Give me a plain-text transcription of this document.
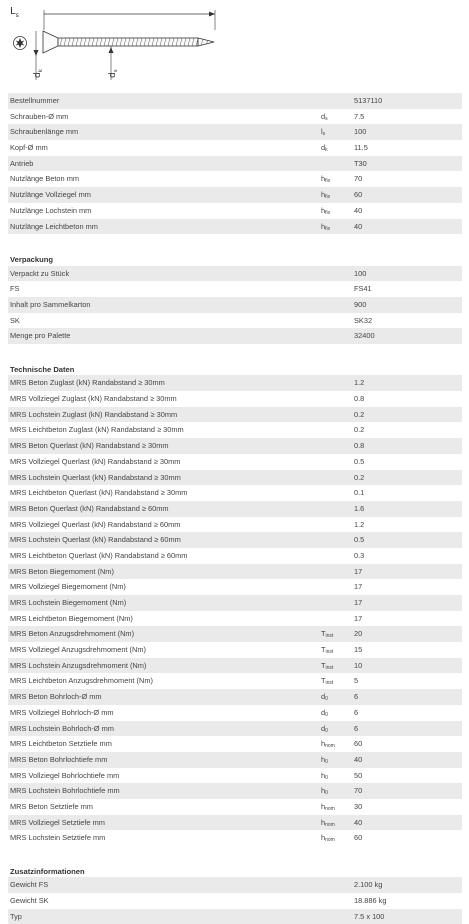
$L_s$
$d_k$
$d_s$
Bestellnummer	5137110
Schrauben-Ø mm	$d_s$	7.5
Schraubenlänge mm	$l_s$	100
Kopf-Ø mm	$d_k$	11.5
Antrieb	T30
Nutzlänge Beton mm	$h_{fix}$	70
Nutzlänge Vollziegel mm	$h_{fix}$	60
Nutzlänge Lochstein mm	$h_{fix}$	40
Nutzlänge Leichtbeton mm	$h_{fix}$	40
Verpackung
Verpackt zu Stück	100
FS	FS41
Inhalt pro Sammelkarton	900
SK	SK32
Menge pro Palette	32400
Technische Daten
MRS Beton Zuglast (kN) Randabstand ≥ 30mm	1.2
MRS Vollziegel Zuglast (kN) Randabstand ≥ 30mm	0.8
MRS Lochstein Zuglast (kN) Randabstand ≥ 30mm	0.2
MRS Leichtbeton Zuglast (kN) Randabstand ≥ 30mm	0.2
MRS Beton Querlast (kN) Randabstand ≥ 30mm	0.8
MRS Vollziegel Querlast (kN) Randabstand ≥ 30mm	0.5
MRS Lochstein Querlast (kN) Randabstand ≥ 30mm	0.2
MRS Leichtbeton Querlast (kN) Randabstand ≥ 30mm	0.1
MRS Beton Querlast (kN) Randabstand ≥ 60mm	1.6
MRS Vollziegel Querlast (kN) Randabstand ≥ 60mm	1.2
MRS Lochstein Querlast (kN) Randabstand ≥ 60mm	0.5
MRS Leichtbeton Querlast (kN) Randabstand ≥ 60mm	0.3
MRS Beton Biegemoment (Nm)	17
MRS Vollziegel Biegemoment (Nm)	17
MRS Lochstein Biegemoment (Nm)	17
MRS Leichtbeton Biegemoment (Nm)	17
MRS Beton Anzugsdrehmoment (Nm)	$T_{inst}$	20
MRS Vollziegel Anzugsdrehmoment (Nm)	$T_{inst}$	15
MRS Lochstein Anzugsdrehmoment (Nm)	$T_{inst}$	10
MRS Leichtbeton Anzugsdrehmoment (Nm)	$T_{inst}$	5
MRS Beton Bohrloch-Ø mm	$d_0$	6
MRS Vollziegel Bohrloch-Ø mm	$d_0$	6
MRS Lochstein Bohrloch-Ø mm	$d_0$	6
MRS Leichtbeton Setztiefe mm	$h_{nom}$	60
MRS Beton Bohrlochtiefe mm	$h_0$	40
MRS Vollziegel Bohrlochtiefe mm	$h_0$	50
MRS Lochstein Bohrlochtiefe mm	$h_0$	70
MRS Beton Setztiefe mm	$h_{nom}$	30
MRS Vollziegel Setztiefe mm	$h_{nom}$	40
MRS Lochstein Setztiefe mm	$h_{nom}$	60
Zusatzinformationen
Gewicht FS	2.100 kg
Gewicht SK	18.886 kg
Typ	7.5 x 100
